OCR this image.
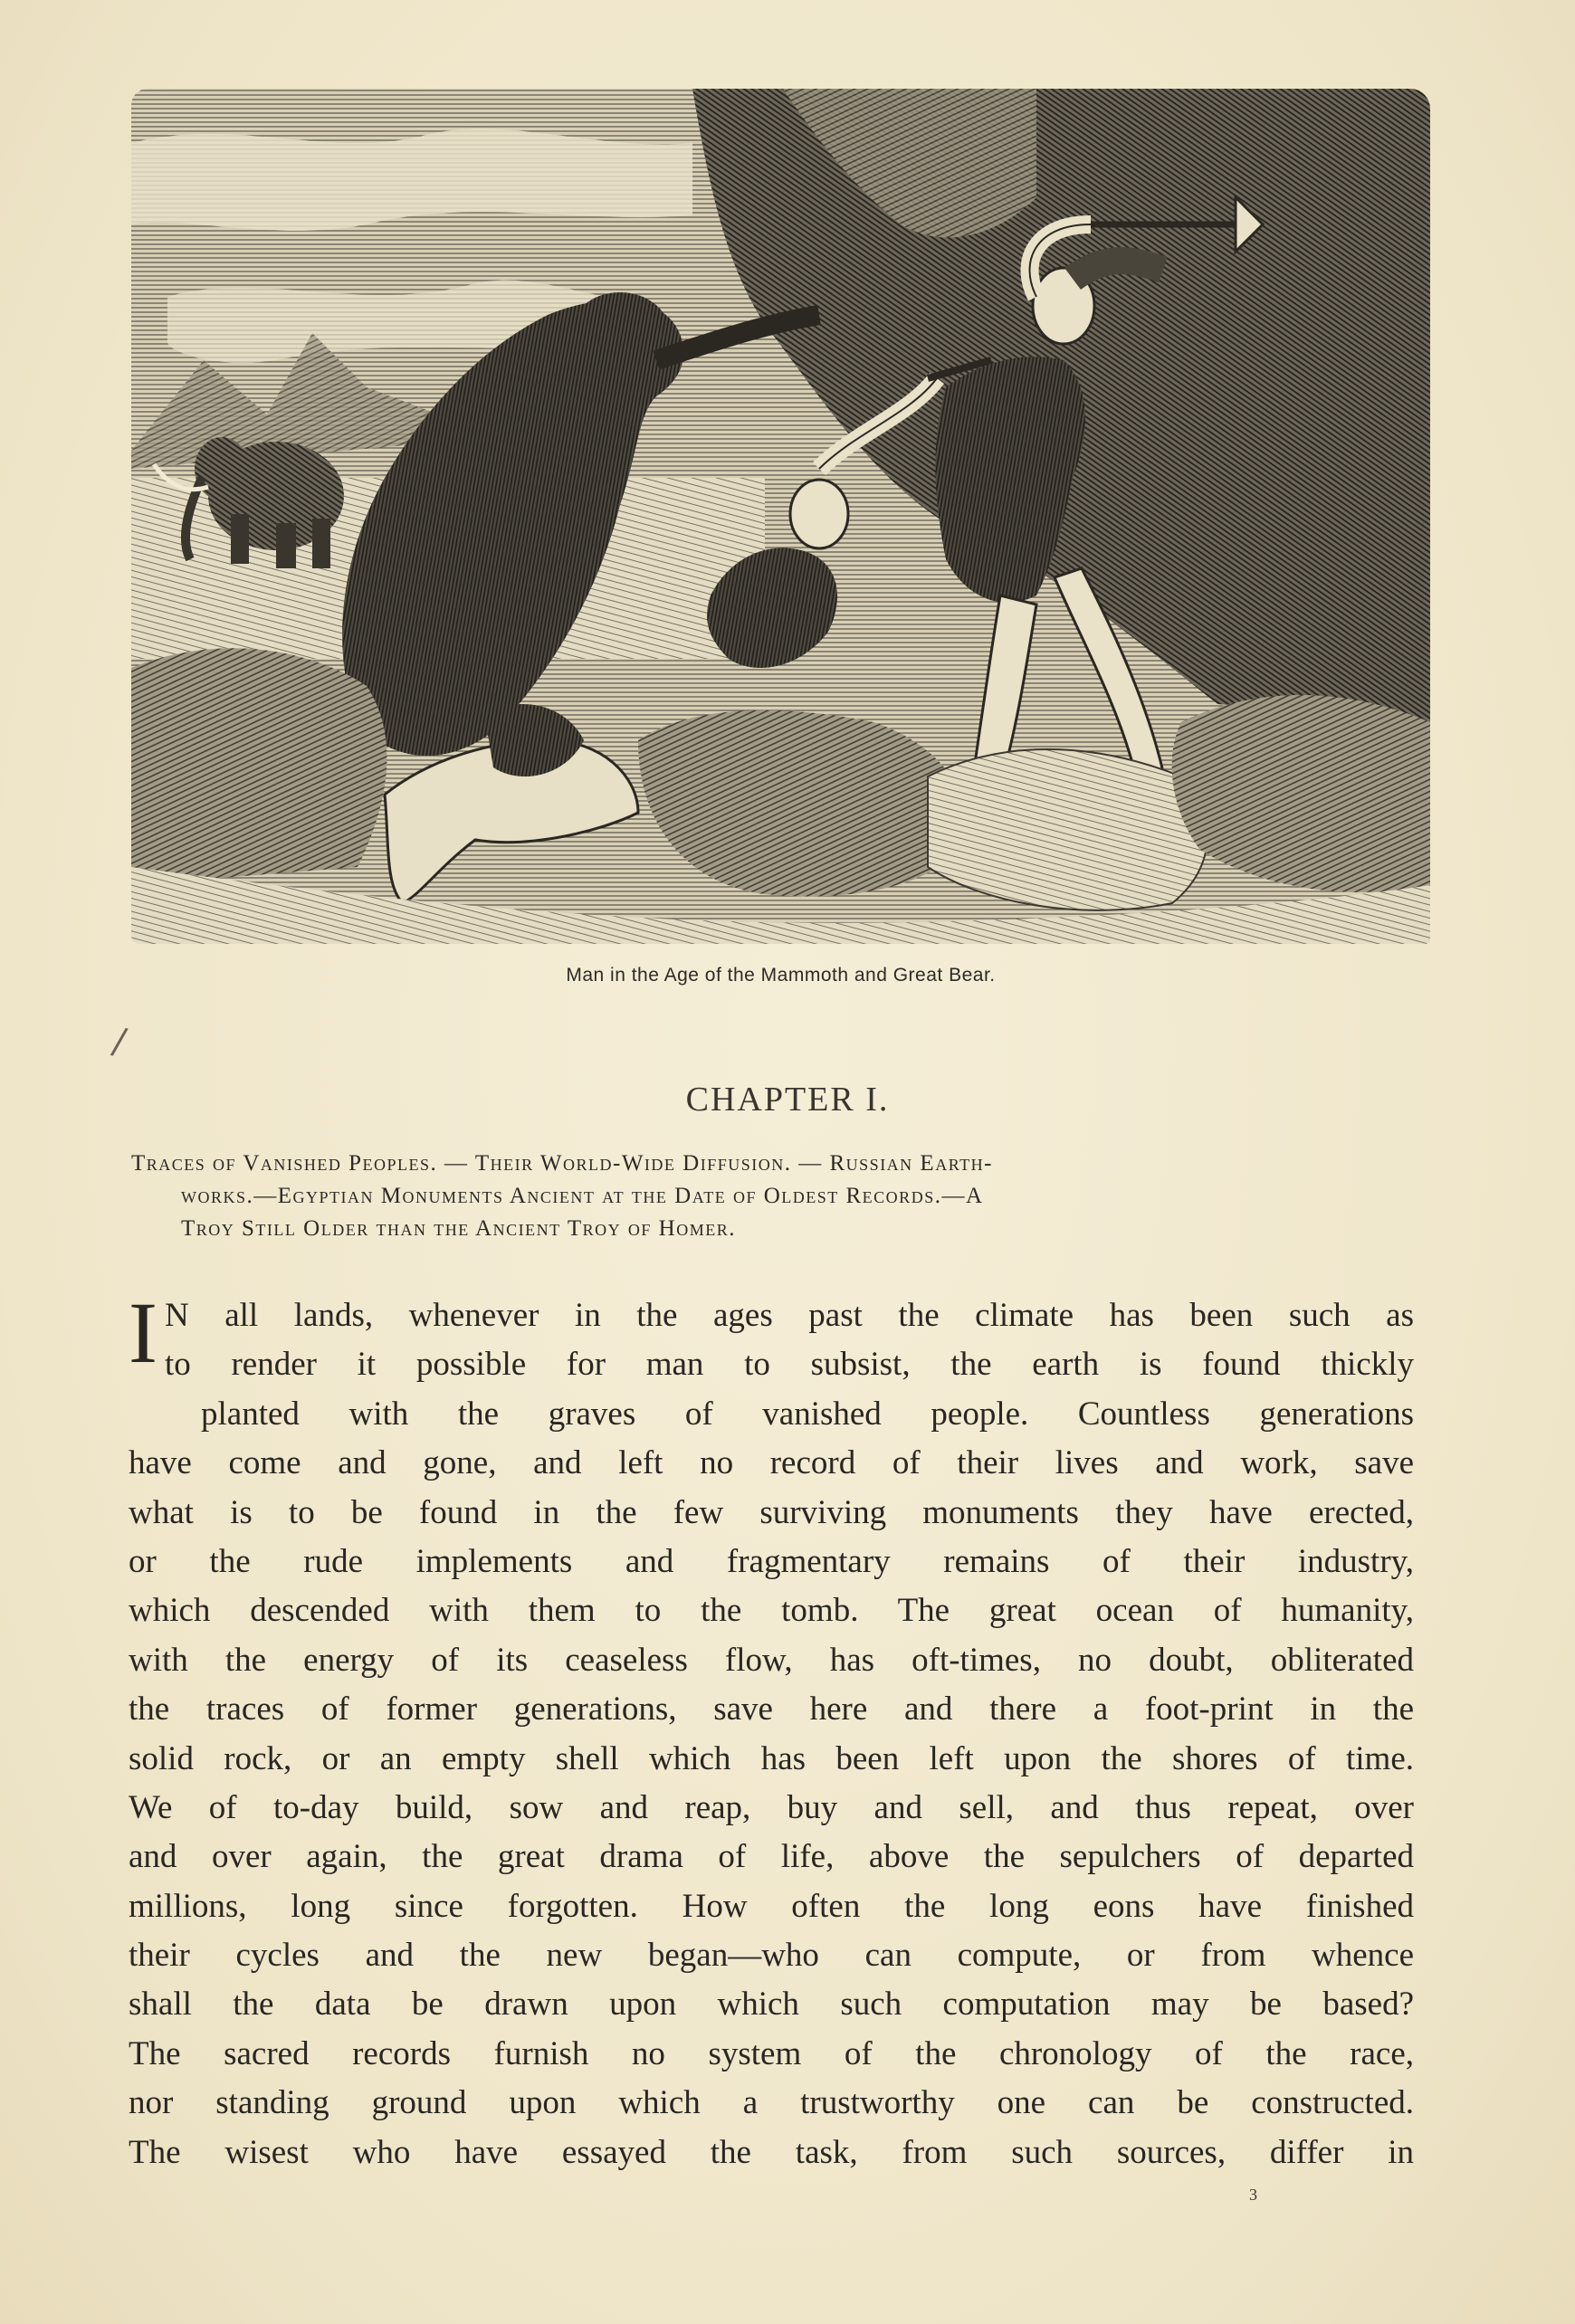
Man in the Age of the Mammoth and Great Bear.
/
CHAPTER I.
Traces of Vanished Peoples. — Their World-Wide Diffusion. — Russian Earth-
works.—Egyptian Monuments Ancient at the Date of Oldest Records.—A
Troy Still Older than the Ancient Troy of Homer.
I N all lands, whenever in the ages past the climate has been such as
to render it possible for man to subsist, the earth is found thickly
planted with the graves of vanished people. Countless generations
have come and gone, and left no record of their lives and work, save
what is to be found in the few surviving monuments they have erected,
or the rude implements and fragmentary remains of their industry,
which descended with them to the tomb. The great ocean of humanity,
with the energy of its ceaseless flow, has oft-times, no doubt, obliterated
the traces of former generations, save here and there a foot-print in the
solid rock, or an empty shell which has been left upon the shores of time.
We of to-day build, sow and reap, buy and sell, and thus repeat, over
and over again, the great drama of life, above the sepulchers of departed
millions, long since forgotten. How often the long eons have finished
their cycles and the new began—who can compute, or from whence
shall the data be drawn upon which such computation may be based?
The sacred records furnish no system of the chronology of the race,
nor standing ground upon which a trustworthy one can be constructed.
The wisest who have essayed the task, from such sources, differ in
3
